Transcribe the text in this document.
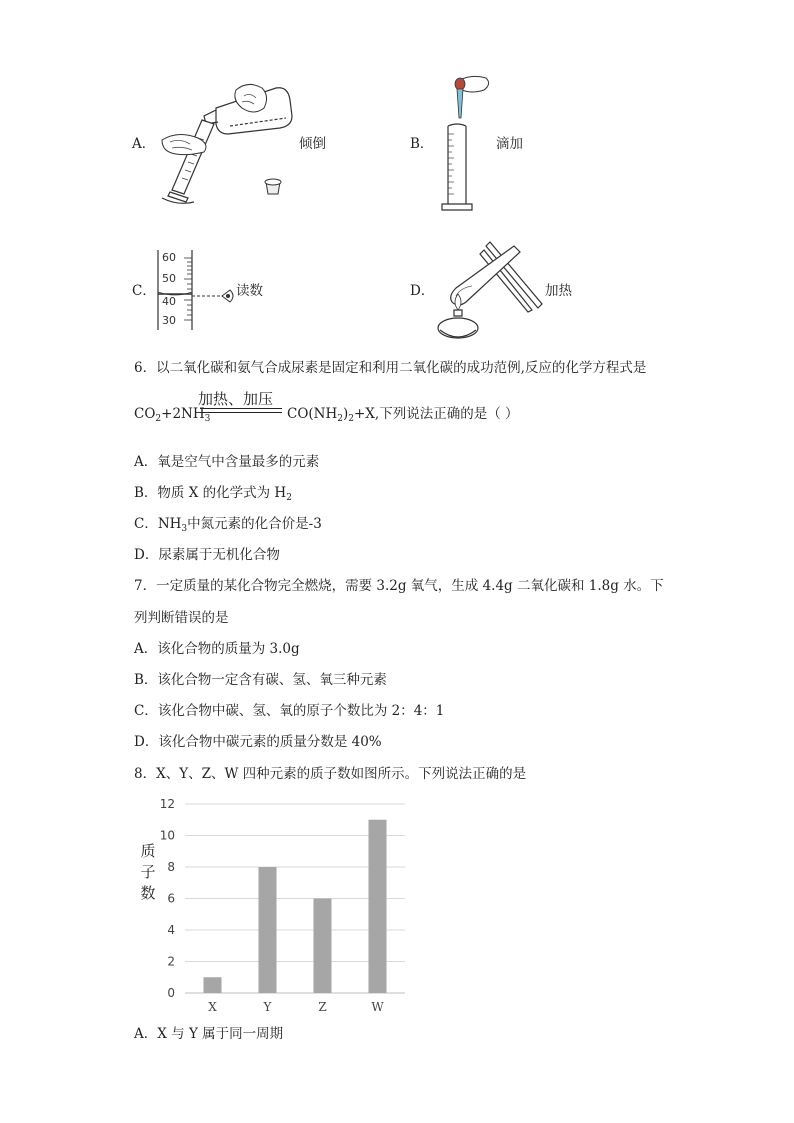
A．	倾倒	B．	滴加
C．
60
50
40
30
读数	D．	加热
6．以二氧化碳和氨气合成尿素是固定和利用二氧化碳的成功范例,反应的化学方程式是
加热、加压
$CO_2+2NH_3$	$CO(NH_2)_2+X$,下列说法正确的是（ ）
A．氧是空气中含量最多的元素
B．物质 X 的化学式为 $H_2$
C．$NH_3$中氮元素的化合价是-3
D．尿素属于无机化合物
7．一定质量的某化合物完全燃烧，需要 3.2g 氧气，生成 4.4g 二氧化碳和 1.8g 水。下
列判断错误的是
A．该化合物的质量为 3.0g
B．该化合物一定含有碳、氢、氧三种元素
C．该化合物中碳、氢、氧的原子个数比为 2：4：1
D．该化合物中碳元素的质量分数是 40%
8．X、Y、Z、W 四种元素的质子数如图所示。下列说法正确的是
0
2
4
6
8
10
12
X	Y	Z	W
质
子
数
A．X 与 Y 属于同一周期
